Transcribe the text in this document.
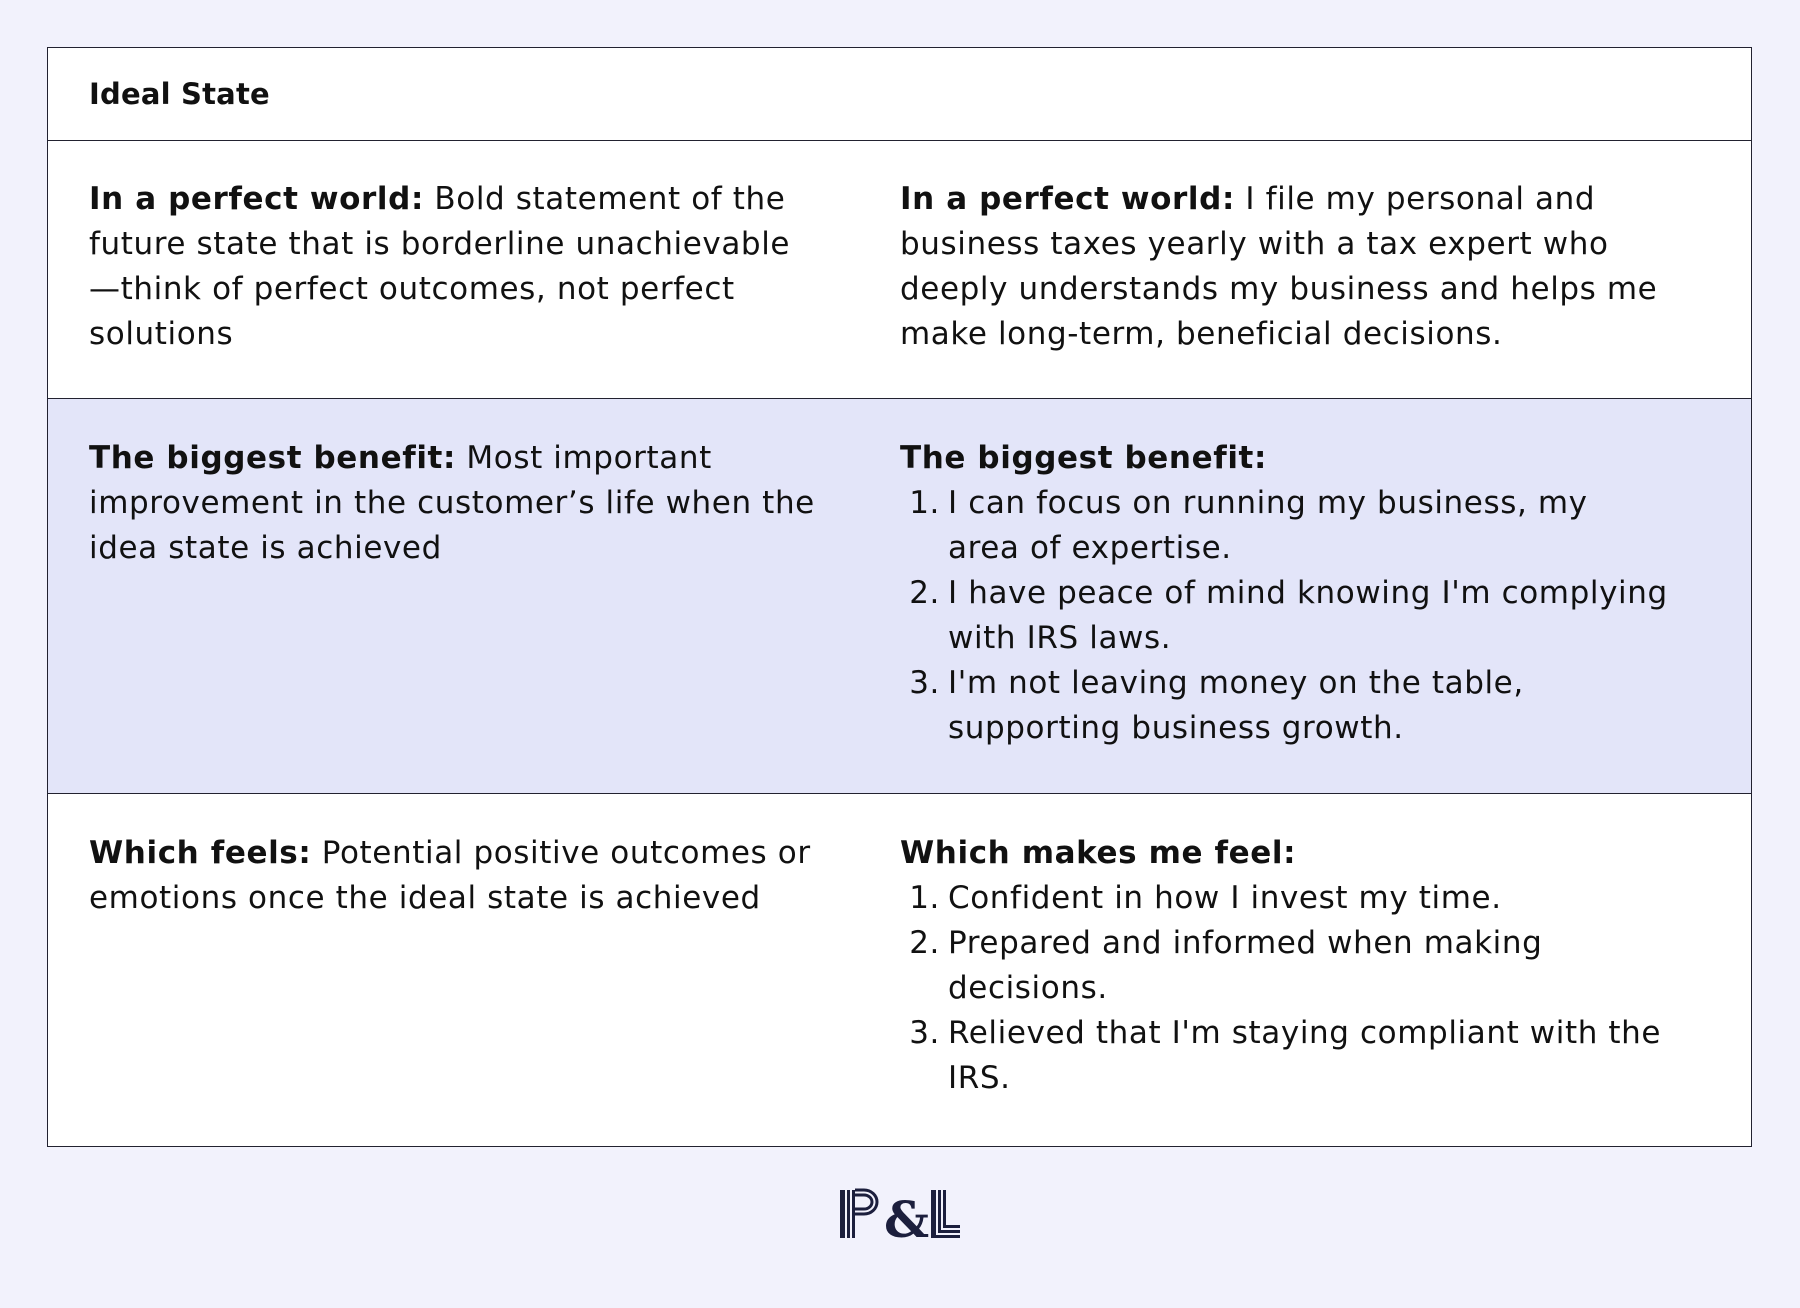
Ideal State
In a perfect world: Bold statement of the future state that is borderline unachievable—think of perfect outcomes, not perfect solutions
In a perfect world: I file my personal and business taxes yearly with a tax expert who deeply understands my business and helps me make long-term, beneficial decisions.
The biggest benefit: Most important improvement in the customer’s life when the idea state is achieved
The biggest benefit:
1. I can focus on running my business, my area of expertise.
2. I have peace of mind knowing I'm complying with IRS laws.
3. I'm not leaving money on the table, supporting business growth.
Which feels: Potential positive outcomes or emotions once the ideal state is achieved
Which makes me feel:
1. Confident in how I invest my time.
2. Prepared and informed when making decisions.
3. Relieved that I'm staying compliant with the IRS.
&
